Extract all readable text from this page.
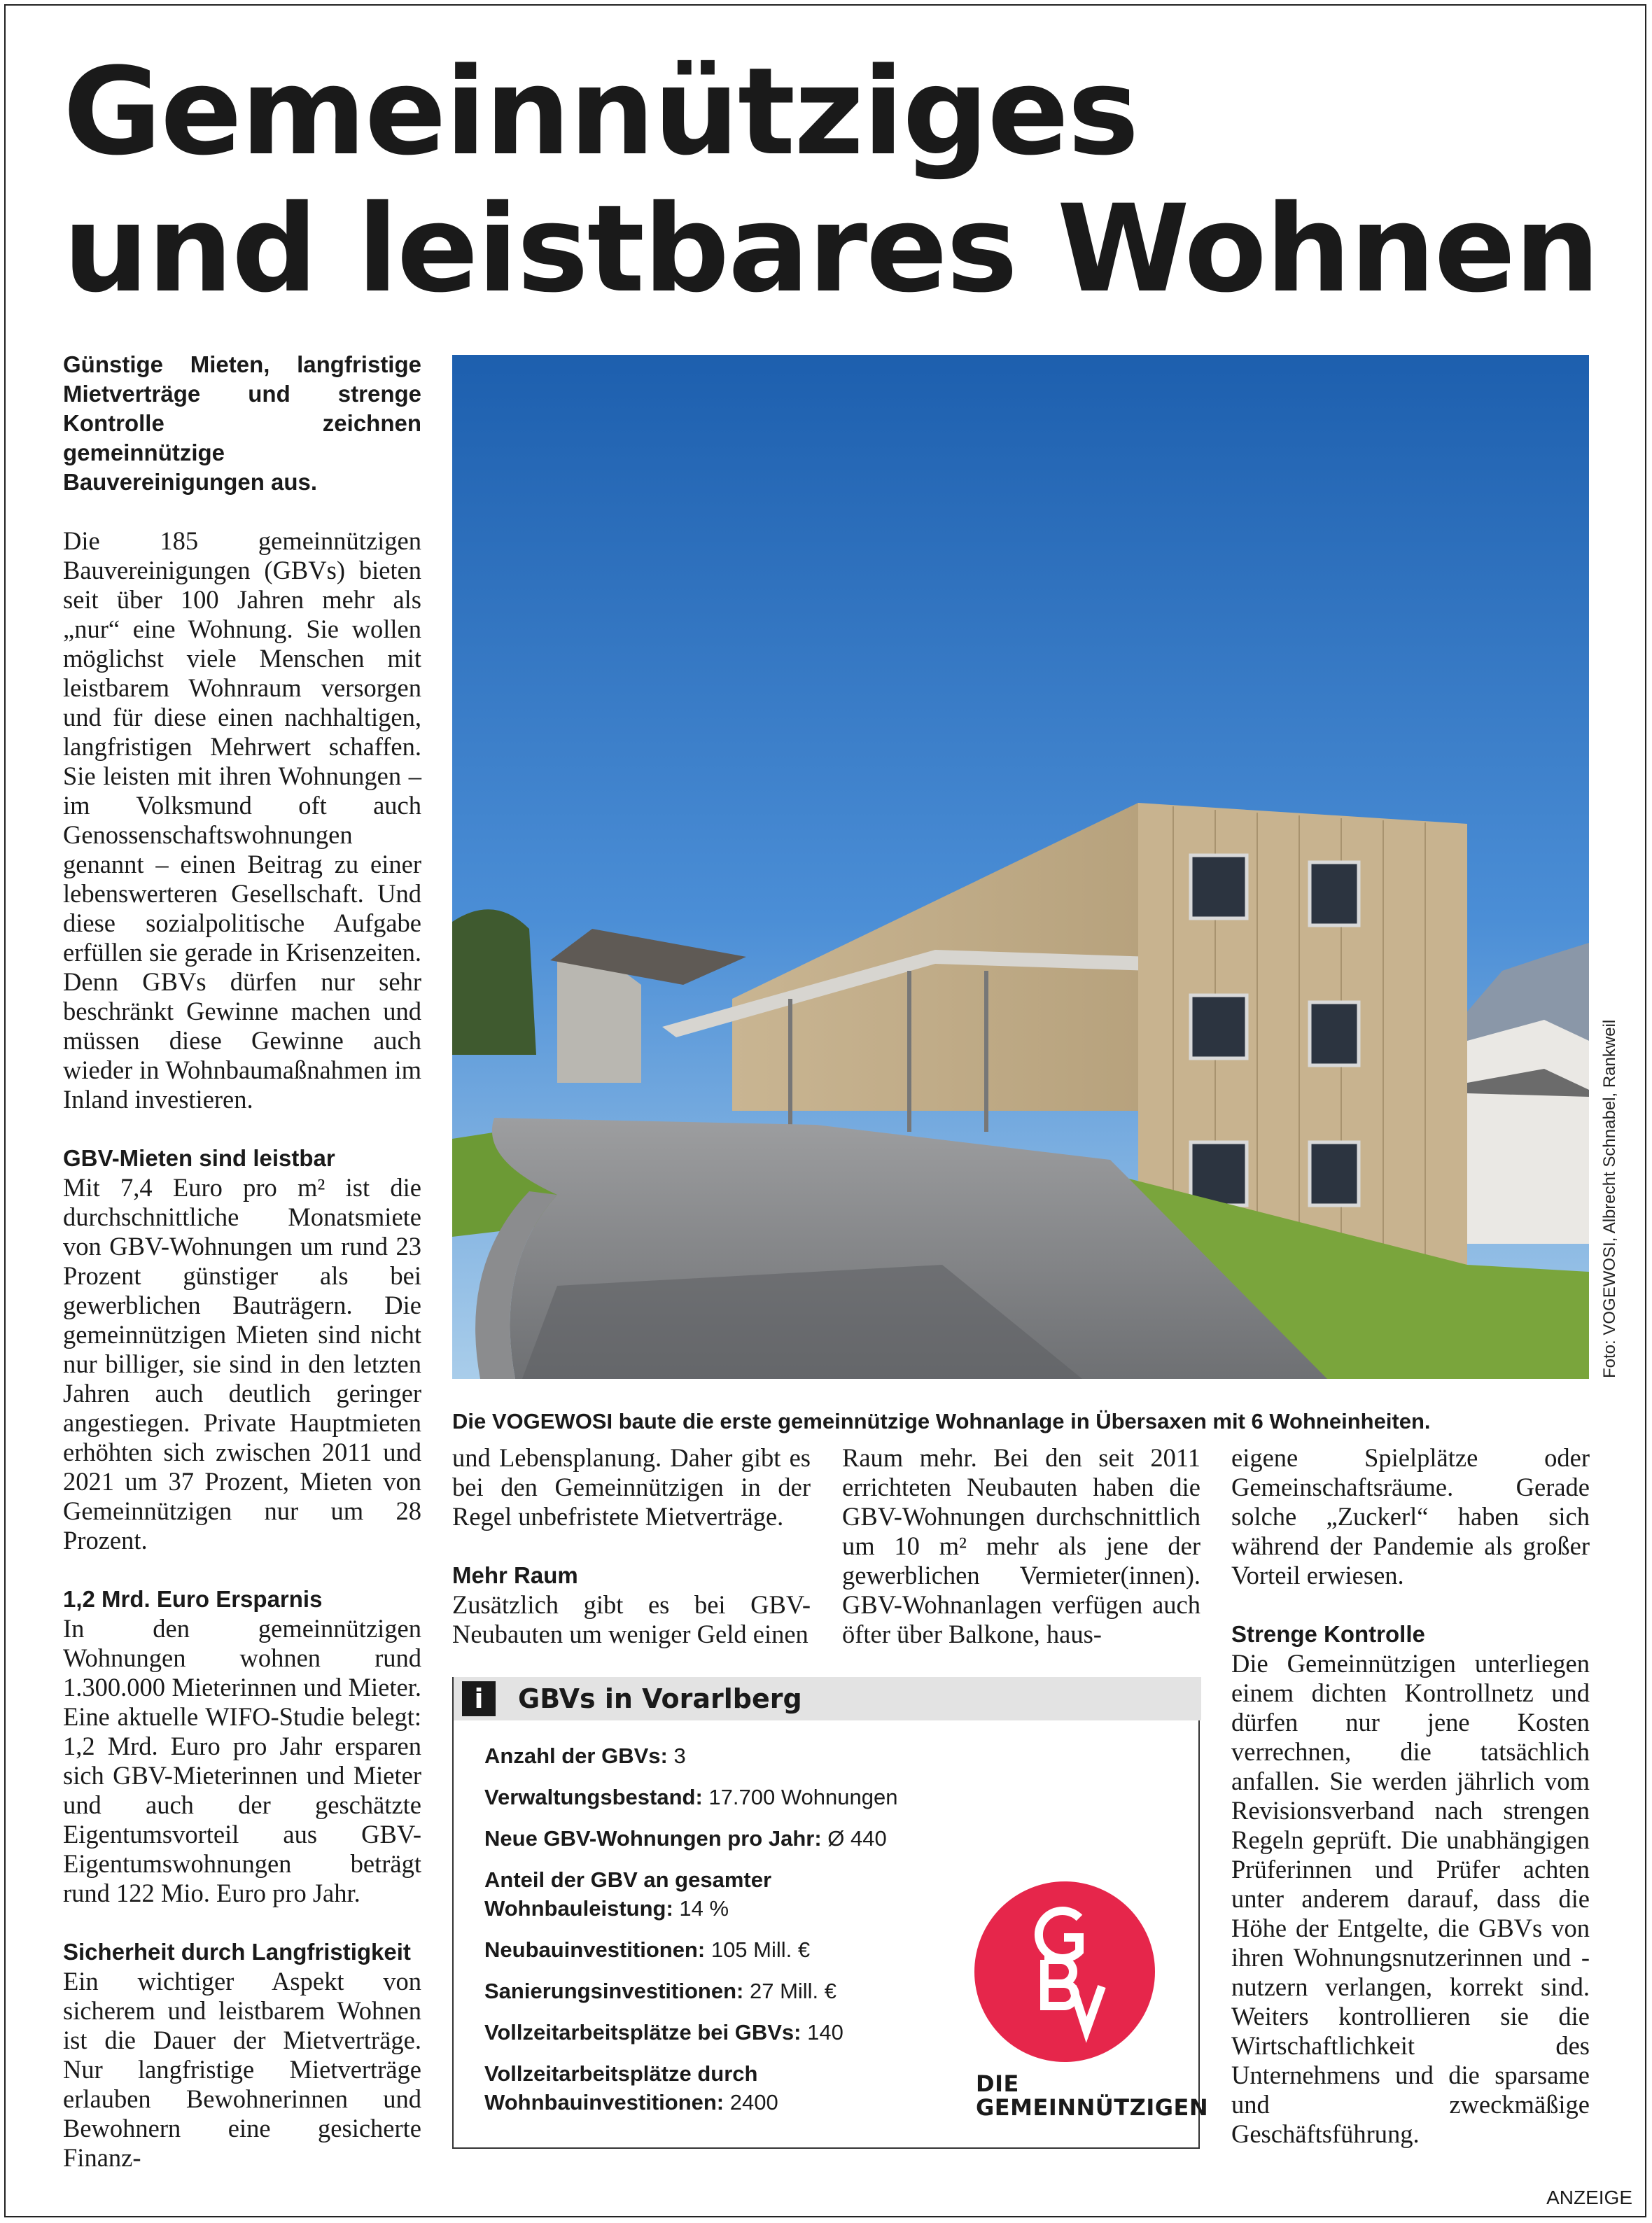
Gemeinnütziges
und leistbares Wohnen

Günstige Mieten, langfristige Mietverträge und strenge Kontrolle zeichnen gemeinnützige Bauvereinigungen aus.

Die 185 gemeinnützigen Bauvereinigungen (GBVs) bieten seit über 100 Jahren mehr als „nur“ eine Wohnung. Sie wollen möglichst viele Menschen mit leistbarem Wohnraum versorgen und für diese einen nachhaltigen, langfristigen Mehrwert schaffen. Sie leisten mit ihren Wohnungen – im Volksmund oft auch Genossenschaftswohnungen genannt – einen Beitrag zu einer lebenswerteren Gesellschaft. Und diese sozialpolitische Aufgabe erfüllen sie gerade in Krisenzeiten. Denn GBVs dürfen nur sehr beschränkt Gewinne machen und müssen diese Gewinne auch wieder in Wohnbaumaßnahmen im Inland investieren.

GBV-Mieten sind leistbar

Mit 7,4 Euro pro m² ist die durchschnittliche Monatsmiete von GBV-Wohnungen um rund 23 Prozent günstiger als bei gewerblichen Bauträgern. Die gemeinnützigen Mieten sind nicht nur billiger, sie sind in den letzten Jahren auch deutlich geringer angestiegen. Private Hauptmieten erhöhten sich zwischen 2011 und 2021 um 37 Prozent, Mieten von Gemeinnützigen nur um 28 Prozent.

1,2 Mrd. Euro Ersparnis

In den gemeinnützigen Wohnungen wohnen rund 1.300.000 Mieterinnen und Mieter. Eine aktuelle WIFO-Studie belegt: 1,2 Mrd. Euro pro Jahr ersparen sich GBV-Mieterinnen und Mieter und auch der geschätzte Eigentumsvorteil aus GBV-Eigentumswohnungen beträgt rund 122 Mio. Euro pro Jahr.

Sicherheit durch Langfristigkeit

Ein wichtiger Aspekt von sicherem und leistbarem Wohnen ist die Dauer der Mietverträge. Nur langfristige Mietverträge erlauben Bewohnerinnen und Bewohnern eine gesicherte Finanz-

Foto: VOGEWOSI, Albrecht Schnabel, Rankweil

Die VOGEWOSI baute die erste gemeinnützige Wohnanlage in Übersaxen mit 6 Wohneinheiten.

und Lebensplanung. Daher gibt es bei den Gemeinnützigen in der Regel unbefristete Mietverträge.

Mehr Raum

Zusätzlich gibt es bei GBV-Neubauten um weniger Geld einen

Raum mehr. Bei den seit 2011 errichteten Neubauten haben die GBV-Wohnungen durchschnittlich um 10 m² mehr als jene der gewerblichen Vermieter(innen). GBV-Wohnanlagen verfügen auch öfter über Balkone, haus-

eigene Spielplätze oder Gemeinschaftsräume. Gerade solche „Zuckerl“ haben sich während der Pandemie als großer Vorteil erwiesen.

Strenge Kontrolle

Die Gemeinnützigen unterliegen einem dichten Kontrollnetz und dürfen nur jene Kosten verrechnen, die tatsächlich anfallen. Sie werden jährlich vom Revisionsverband nach strengen Regeln geprüft. Die unabhängigen Prüferinnen und Prüfer achten unter anderem darauf, dass die Höhe der Entgelte, die GBVs von ihren Wohnungsnutzerinnen und -nutzern verlangen, korrekt sind. Weiters kontrollieren sie die Wirtschaftlichkeit des Unternehmens und die sparsame und zweckmäßige Geschäftsführung.

i	GBVs in Vorarlberg
Anzahl der GBVs: 3
Verwaltungsbestand: 17.700 Wohnungen
Neue GBV-Wohnungen pro Jahr: Ø 440
Anteil der GBV an gesamter Wohnbauleistung: 14 %
Neubauinvestitionen: 105 Mill. €
Sanierungsinvestitionen: 27 Mill. €
Vollzeitarbeitsplätze bei GBVs: 140
Vollzeitarbeitsplätze durch Wohnbauinvestitionen: 2400
DIE
GEMEINNÜTZIGEN
ANZEIGE
